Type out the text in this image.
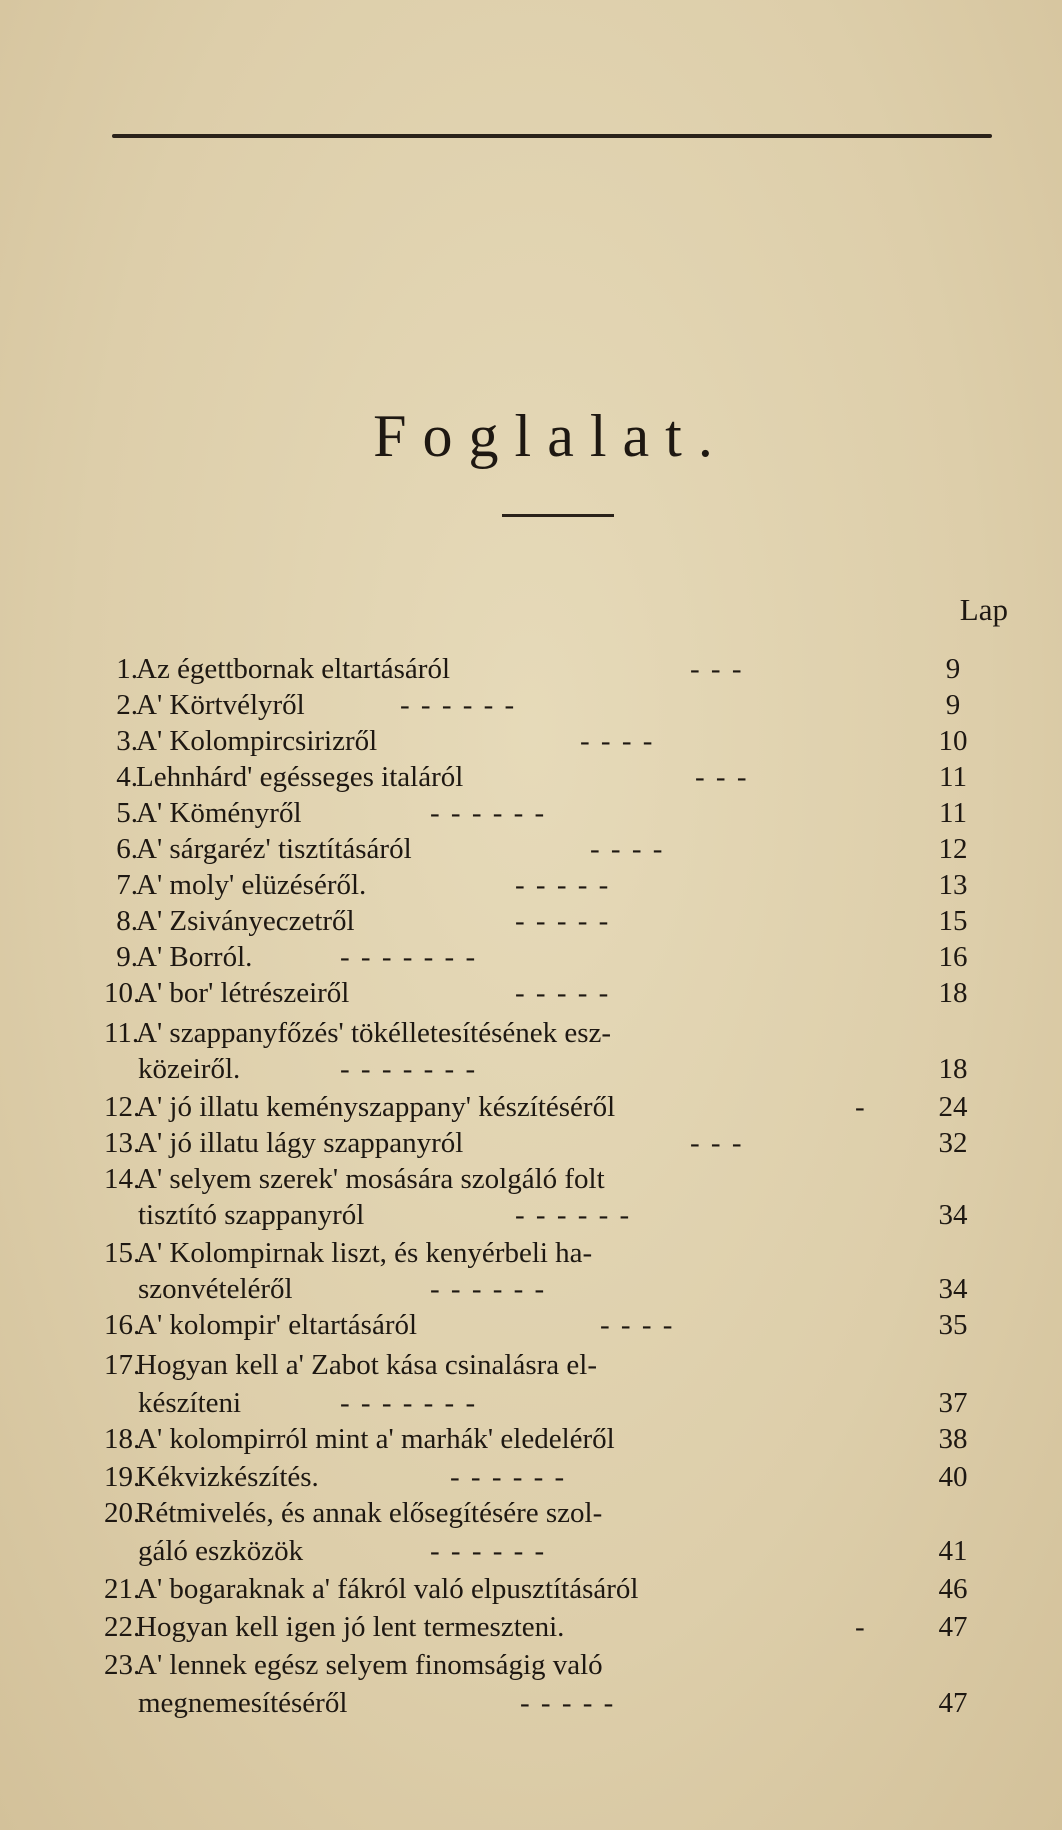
Foglalat.
Lap
1.
Az égettbornak eltartásáról	- - -	9
2.
A' Körtvélyről	- - - - - -	9
3.
A' Kolompircsirizről	- - - -	10
4.
Lehnhárd' egésseges italáról	- - -	11
5.
A' Köményről	- - - - - -	11
6.
A' sárgaréz' tisztításáról	- - - -	12
7.
A' moly' elüzéséről.	- - - - -	13
8.
A' Zsiványeczetről	- - - - -	15
9.
A' Borról.	- - - - - - -	16
10.
A' bor' létrészeiről	- - - - -	18
11.
A' szappanyfőzés' tökélletesítésének esz-
közeiről.	- - - - - - -	18
12.
A' jó illatu keményszappany' készítéséről	-	24
13.
A' jó illatu lágy szappanyról	- - -	32
14.
A' selyem szerek' mosására szolgáló folt
tisztító szappanyról	- - - - - -	34
15.
A' Kolompirnak liszt, és kenyérbeli ha-
szonvételéről	- - - - - -	34
16.
A' kolompir' eltartásáról	- - - -	35
17.
Hogyan kell a' Zabot kása csinalásra el-
készíteni	- - - - - - -	37
18.
A' kolompirról mint a' marhák' eledeléről	38
19.
Kékvizkészítés.	- - - - - -	40
20.
Rétmivelés, és annak elősegítésére szol-
gáló eszközök	- - - - - -	41
21.
A' bogaraknak a' fákról való elpusztításáról	46
22.
Hogyan kell igen jó lent termeszteni.	-	47
23.
A' lennek egész selyem finomságig való
megnemesítéséről	- - - - -	47
